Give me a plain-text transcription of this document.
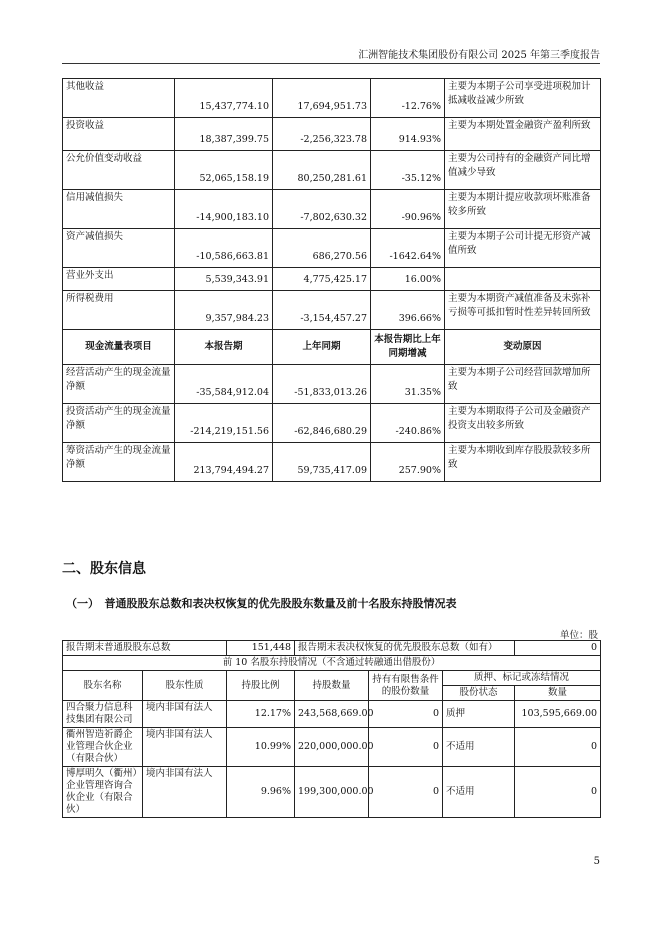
汇洲智能技术集团股份有限公司 2025 年第三季度报告
其他收益	15,437,774.10	17,694,951.73	-12.76%	主要为本期子公司享受进项税加计抵减收益减少所致
投资收益	18,387,399.75	-2,256,323.78	914.93%	主要为本期处置金融资产盈利所致
公允价值变动收益	52,065,158.19	80,250,281.61	-35.12%	主要为公司持有的金融资产同比增值减少导致
信用减值损失	-14,900,183.10	-7,802,630.32	-90.96%	主要为本期计提应收款项坏账准备较多所致
资产减值损失	-10,586,663.81	686,270.56	-1642.64%	主要为本期子公司计提无形资产减值所致
营业外支出	5,539,343.91	4,775,425.17	16.00%	
所得税费用	9,357,984.23	-3,154,457.27	396.66%	主要为本期资产减值准备及未弥补亏损等可抵扣暂时性差异转回所致
现金流量表项目	本报告期	上年同期	本报告期比上年同期增减	变动原因
经营活动产生的现金流量净额	-35,584,912.04	-51,833,013.26	31.35%	主要为本期子公司经营回款增加所致
投资活动产生的现金流量净额	-214,219,151.56	-62,846,680.29	-240.86%	主要为本期取得子公司及金融资产投资支出较多所致
筹资活动产生的现金流量净额	213,794,494.27	59,735,417.09	257.90%	主要为本期收到库存股股款较多所致
二、股东信息
（一）　普通股股东总数和表决权恢复的优先股股东数量及前十名股东持股情况表
单位：股
报告期末普通股股东总数		151,448	报告期末表决权恢复的优先股股东总数（如有）			0
前 10 名股东持股情况（不含通过转融通出借股份）						
股东名称	股东性质	持股比例	持股数量	持有有限售条件的股份数量	质押、标记或冻结情况	
					股份状态	数量
四合聚力信息科技集团有限公司	境内非国有法人	12.17%	243,568,669.00	0	质押	103,595,669.00
衢州智造祈爵企业管理合伙企业（有限合伙）	境内非国有法人	10.99%	220,000,000.00	0	不适用	0
博厚明久（衢州）企业管理咨询合伙企业（有限合伙）	境内非国有法人	9.96%	199,300,000.00	0	不适用	0
5
